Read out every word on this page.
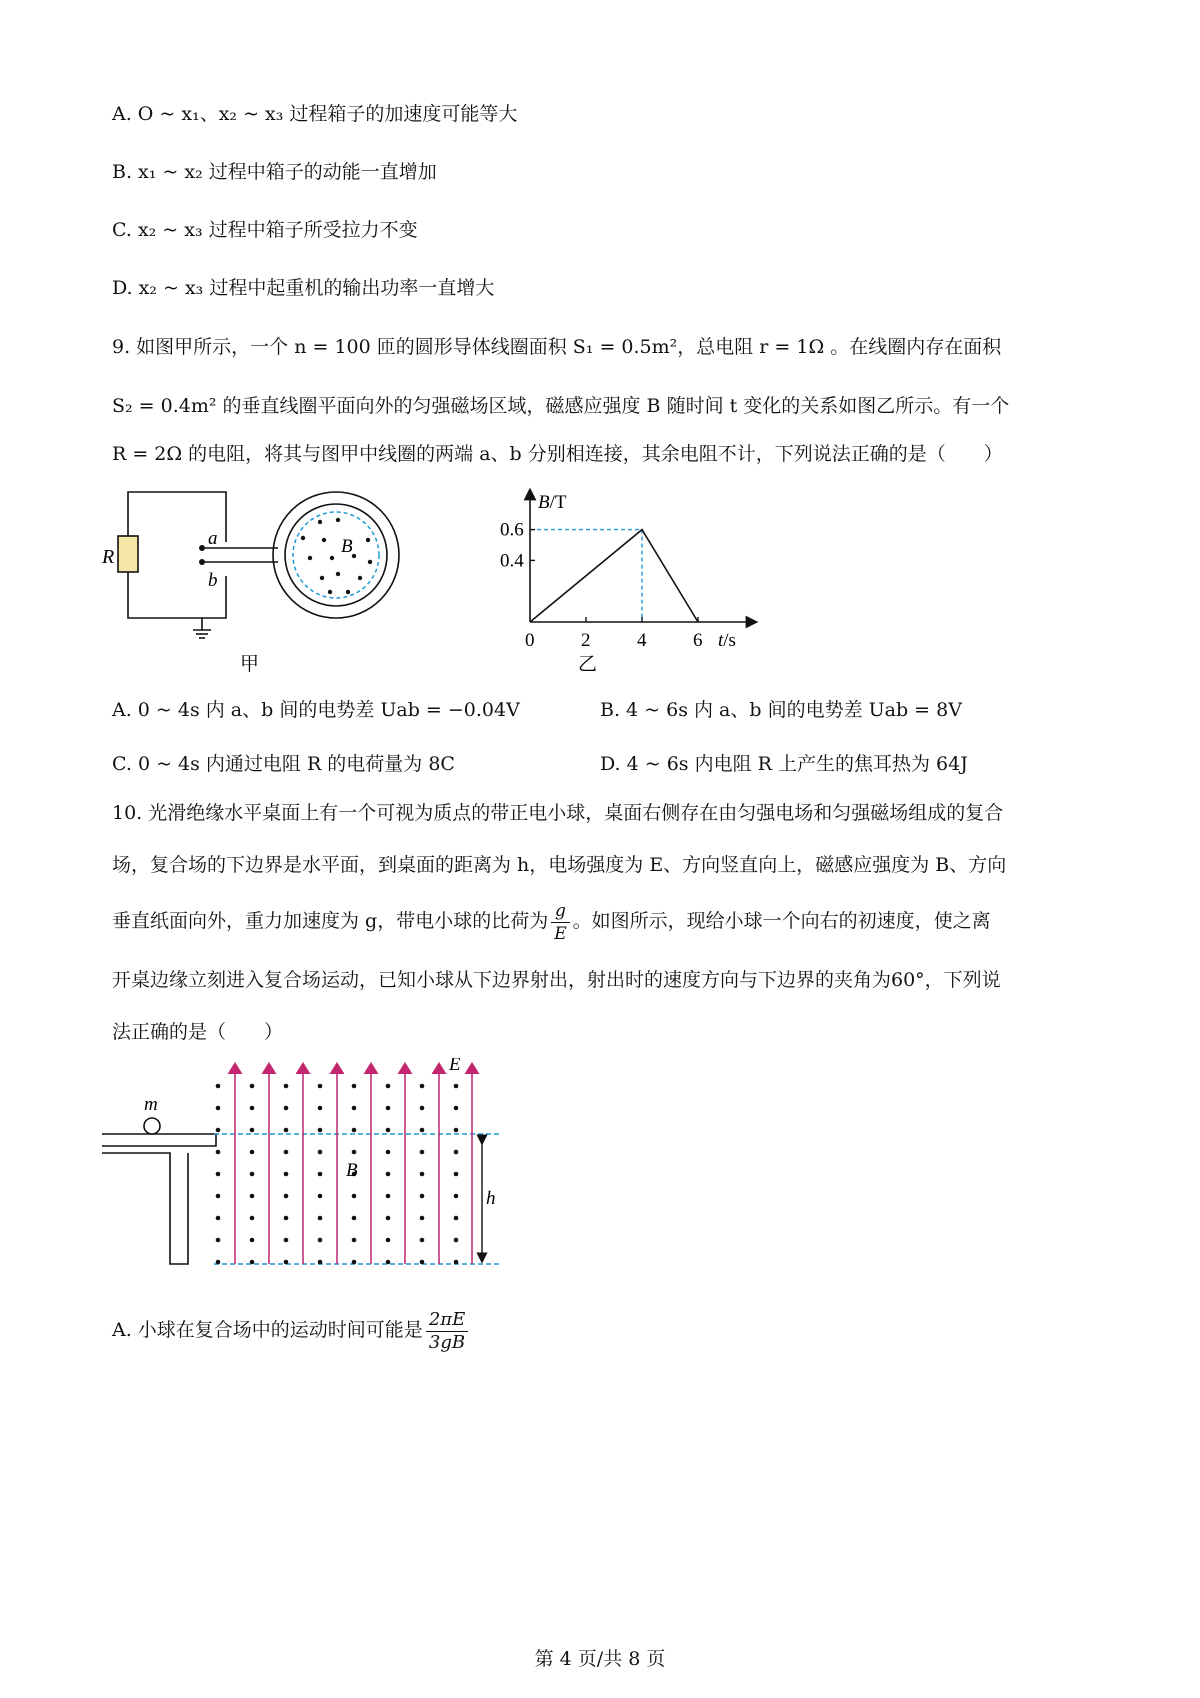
A. O ~ x₁、x₂ ~ x₃ 过程箱子的加速度可能等大
B. x₁ ~ x₂ 过程中箱子的动能一直增加
C. x₂ ~ x₃ 过程中箱子所受拉力不变
D. x₂ ~ x₃ 过程中起重机的输出功率一直增大
9. 如图甲所示，一个 n = 100 匝的圆形导体线圈面积 S₁ = 0.5m²，总电阻 r = 1Ω 。在线圈内存在面积
S₂ = 0.4m² 的垂直线圈平面向外的匀强磁场区域，磁感应强度 B 随时间 t 变化的关系如图乙所示。有一个
R = 2Ω 的电阻，将其与图甲中线圈的两端 a、b 分别相连接，其余电阻不计，下列说法正确的是（　　）
R
a
b
B
甲
0 2 4 6
0.4
0.6
B/T
t/s
乙
A. 0 ~ 4s 内 a、b 间的电势差 Uab = −0.04V	B. 4 ~ 6s 内 a、b 间的电势差 Uab = 8V
C. 0 ~ 4s 内通过电阻 R 的电荷量为 8C	D. 4 ~ 6s 内电阻 R 上产生的焦耳热为 64J
10. 光滑绝缘水平桌面上有一个可视为质点的带正电小球，桌面右侧存在由匀强电场和匀强磁场组成的复合
场，复合场的下边界是水平面，到桌面的距离为 h，电场强度为 E、方向竖直向上，磁感应强度为 B、方向
垂直纸面向外，重力加速度为 g，带电小球的比荷为 $\frac{g}{E}$ 。如图所示，现给小球一个向右的初速度，使之离
开桌边缘立刻进入复合场运动，已知小球从下边界射出，射出时的速度方向与下边界的夹角为60°，下列说
法正确的是（　　）
m
E
B
h
A. 小球在复合场中的运动时间可能是 $\frac{2\pi E}{3gB}$
第 4 页/共 8 页
